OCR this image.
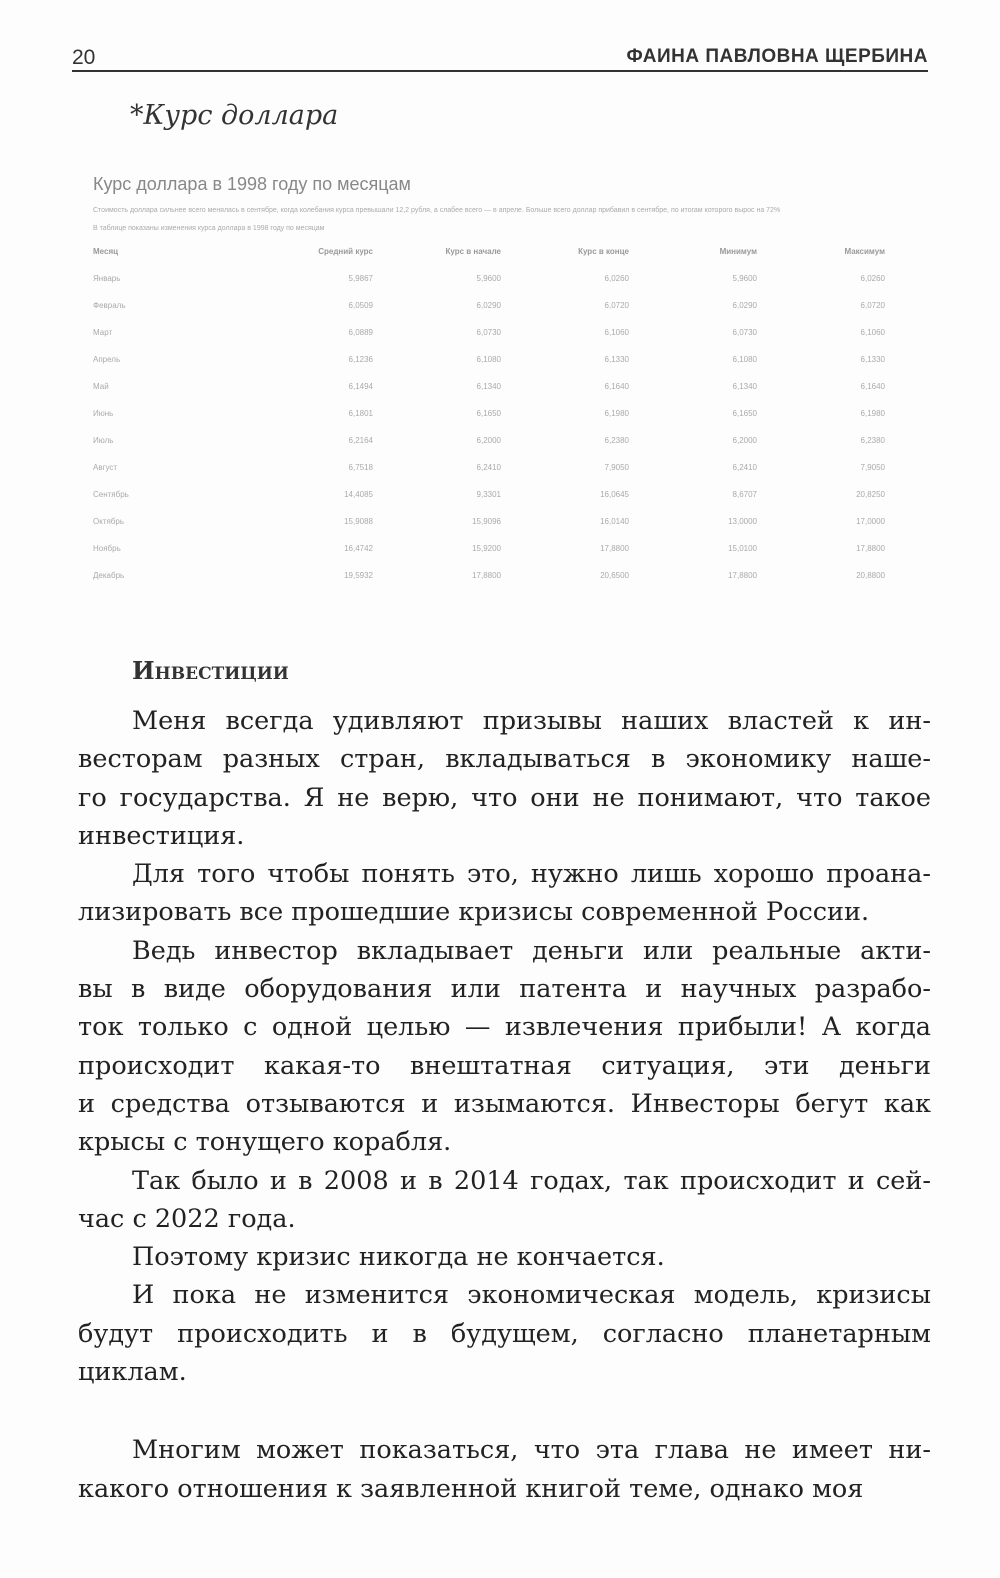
20	ФАИНА ПАВЛОВНА ЩЕРБИНА
*Курс доллара
Курс доллара в 1998 году по месяцам
Стоимость доллара сильнее всего менялась в сентябре, когда колебания курса превышали 12,2 рубля, а слабее всего — в апреле. Больше всего доллар прибавил в сентябре, по итогам которого вырос на 72%
В таблице показаны изменения курса доллара в 1998 году по месяцам
Месяц	Средний курс	Курс в начале	Курс в конце	Минимум	Максимум
Январь	5,9867	5,9600	6,0260	5,9600	6,0260
Февраль	6,0509	6,0290	6,0720	6,0290	6,0720
Март	6,0889	6,0730	6,1060	6,0730	6,1060
Апрель	6,1236	6,1080	6,1330	6,1080	6,1330
Май	6,1494	6,1340	6,1640	6,1340	6,1640
Июнь	6,1801	6,1650	6,1980	6,1650	6,1980
Июль	6,2164	6,2000	6,2380	6,2000	6,2380
Август	6,7518	6,2410	7,9050	6,2410	7,9050
Сентябрь	14,4085	9,3301	16,0645	8,6707	20,8250
Октябрь	15,9088	15,9096	16,0140	13,0000	17,0000
Ноябрь	16,4742	15,9200	17,8800	15,0100	17,8800
Декабрь	19,5932	17,8800	20,6500	17,8800	20,8800
Инвестиции
Меня всегда удивляют призывы наших властей к ин-
весторам разных стран, вкладываться в экономику наше-
го государства. Я не верю, что они не понимают, что такое
инвестиция.
Для того чтобы понять это, нужно лишь хорошо проана-
лизировать все прошедшие кризисы современной России.
Ведь инвестор вкладывает деньги или реальные акти-
вы в виде оборудования или патента и научных разрабо-
ток только с одной целью — извлечения прибыли! А когда
происходит какая-то внештатная ситуация, эти деньги
и средства отзываются и изымаются. Инвесторы бегут как
крысы с тонущего корабля.
Так было и в 2008 и в 2014 годах, так происходит и сей-
час с 2022 года.
Поэтому кризис никогда не кончается.
И пока не изменится экономическая модель, кризисы
будут происходить и в будущем, согласно планетарным
циклам.
Многим может показаться, что эта глава не имеет ни-
какого отношения к заявленной книгой теме, однако моя
